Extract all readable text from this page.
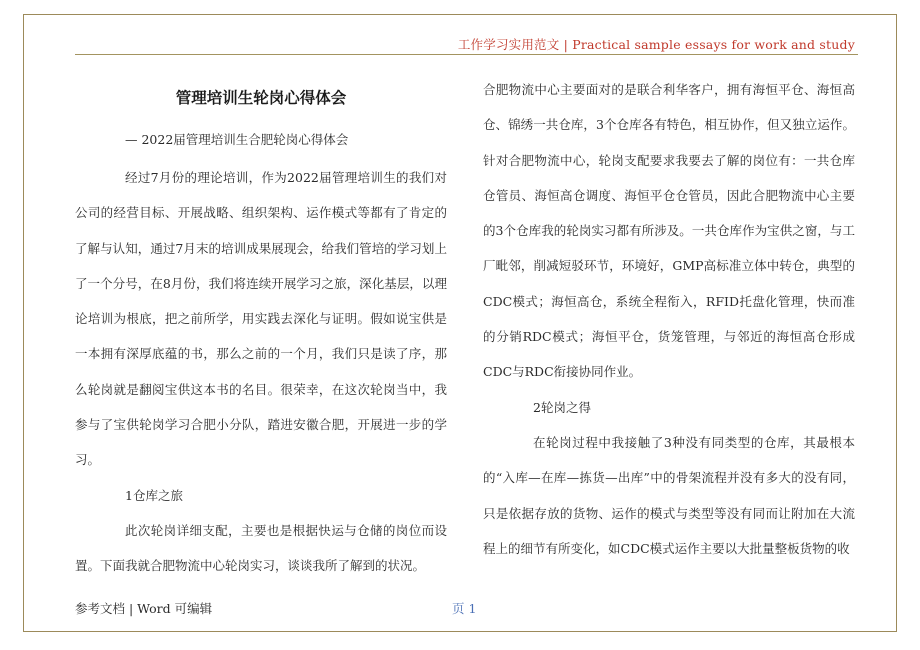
工作学习实用范文 | Practical sample essays for work and study
管理培训生轮岗心得体会
— 2022届管理培训生合肥轮岗心得体会

经过7月份的理论培训，作为2022届管理培训生的我们对公司的经营目标、开展战略、组织架构、运作模式等都有了肯定的了解与认知，通过7月末的培训成果展现会，给我们管培的学习划上了一个分号，在8月份，我们将连续开展学习之旅，深化基层，以理论培训为根底，把之前所学，用实践去深化与证明。假如说宝供是一本拥有深厚底蕴的书，那么之前的一个月，我们只是读了序，那么轮岗就是翻阅宝供这本书的名目。很荣幸，在这次轮岗当中，我参与了宝供轮岗学习合肥小分队，踏进安徽合肥，开展进一步的学习。

1仓库之旅

此次轮岗详细支配，主要也是根据快运与仓储的岗位而设置。下面我就合肥物流中心轮岗实习，谈谈我所了解到的状况。

合肥物流中心主要面对的是联合利华客户，拥有海恒平仓、海恒高仓、锦绣一共仓库，3个仓库各有特色，相互协作，但又独立运作。针对合肥物流中心，轮岗支配要求我要去了解的岗位有：一共仓库仓管员、海恒高仓调度、海恒平仓仓管员，因此合肥物流中心主要的3个仓库我的轮岗实习都有所涉及。一共仓库作为宝供之窗，与工厂毗邻，削减短驳环节，环境好，GMP高标准立体中转仓，典型的CDC模式；海恒高仓，系统全程衔入，RFID托盘化管理，快而准的分销RDC模式；海恒平仓，货笼管理，与邻近的海恒高仓形成CDC与RDC衔接协同作业。

2轮岗之得

在轮岗过程中我接触了3种没有同类型的仓库，其最根本的“入库—在库—拣货—出库”中的骨架流程并没有多大的没有同，只是依据存放的货物、运作的模式与类型等没有同而让附加在大流程上的细节有所变化，如CDC模式运作主要以大批量整板货物的收

参考文档 | Word 可编辑	页 1
